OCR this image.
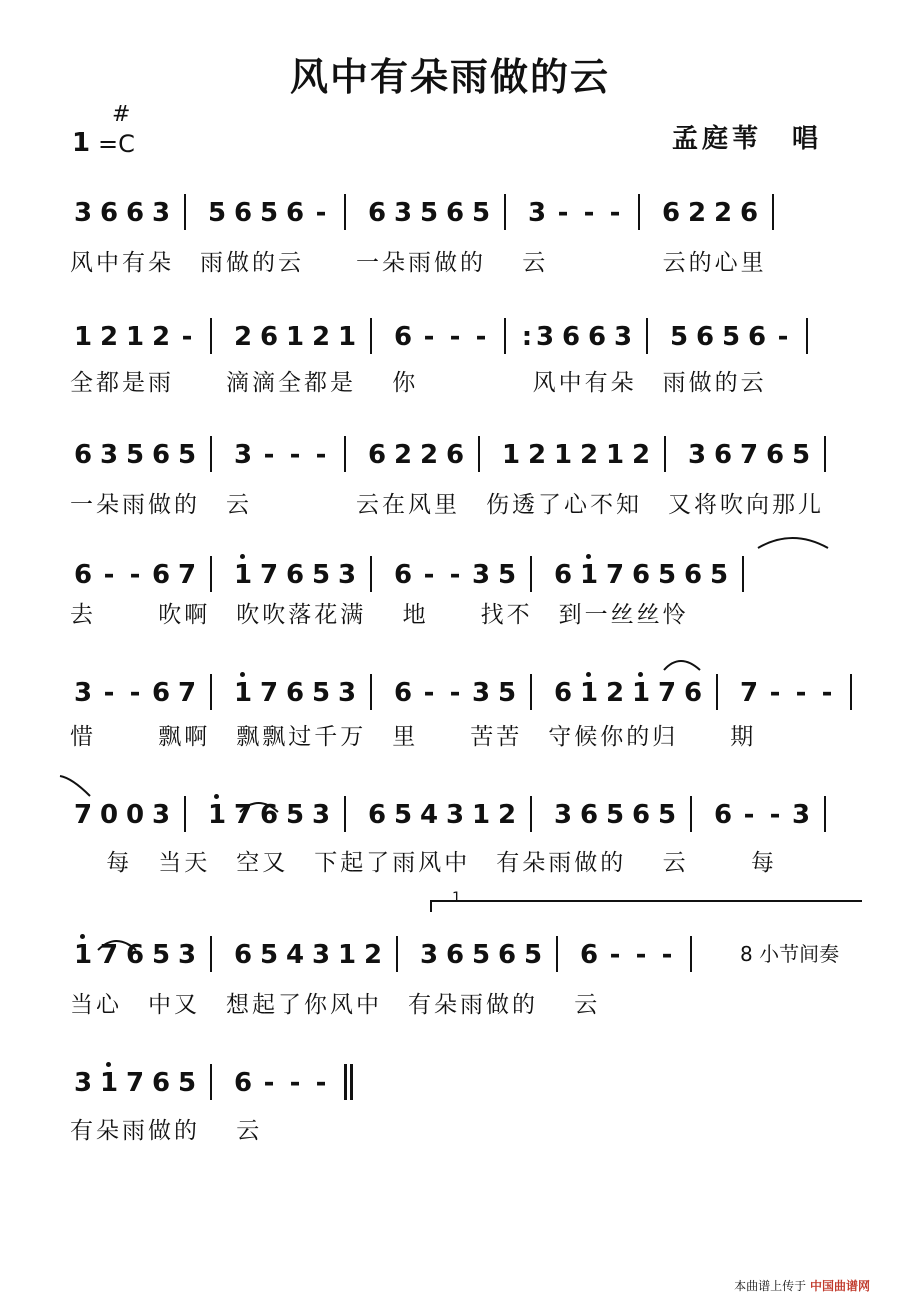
风中有朵雨做的云
1
#
=C	孟庭苇　唱
3 6 6 3 5 6 5 6 - 6 3 5 6 5 3 - - - 6 2 2 6
风中有朵　雨做的云　　一朵雨做的　 云　　　　 云的心里
1 2 1 2 - 2 6 1 2 1 6 - - - : 3 6 6 3 5 6 5 6 -
全都是雨　　滴滴全都是　 你　　　　 风中有朵　雨做的云
6 3 5 6 5 3 - - - 6 2 2 6 1 2 1 2 1 2 3 6 7 6 5
一朵雨做的　云　　　　云在风里　伤透了心不知　又将吹向那儿
6 - - 6 7 1 7 6 5 3 6 - - 3 5 6 1 7 6 5 6 5
去　　 吹啊　吹吹落花满　 地　　找不　到一丝丝怜
3 - - 6 7 1 7 6 5 3 6 - - 3 5 6 1 2 1 7 6 7 - - -
惜　　 飘啊　飘飘过千万　里　　苦苦　守候你的归　　期
7 0 0 3 1 7 6 5 3 6 5 4 3 1 2 3 6 5 6 5 6 - - 3
　 每　当天　空又　下起了雨风中　有朵雨做的　 云　　 每
1 7 6 5 3 6 5 4 3 1 2 3 6 5 6 5 6 - - -
当心　中又　想起了你风中　有朵雨做的　 云
3 1 7 6 5 6 - - -
有朵雨做的　 云
8 小节间奏
1
本曲谱上传于 中国曲谱网
